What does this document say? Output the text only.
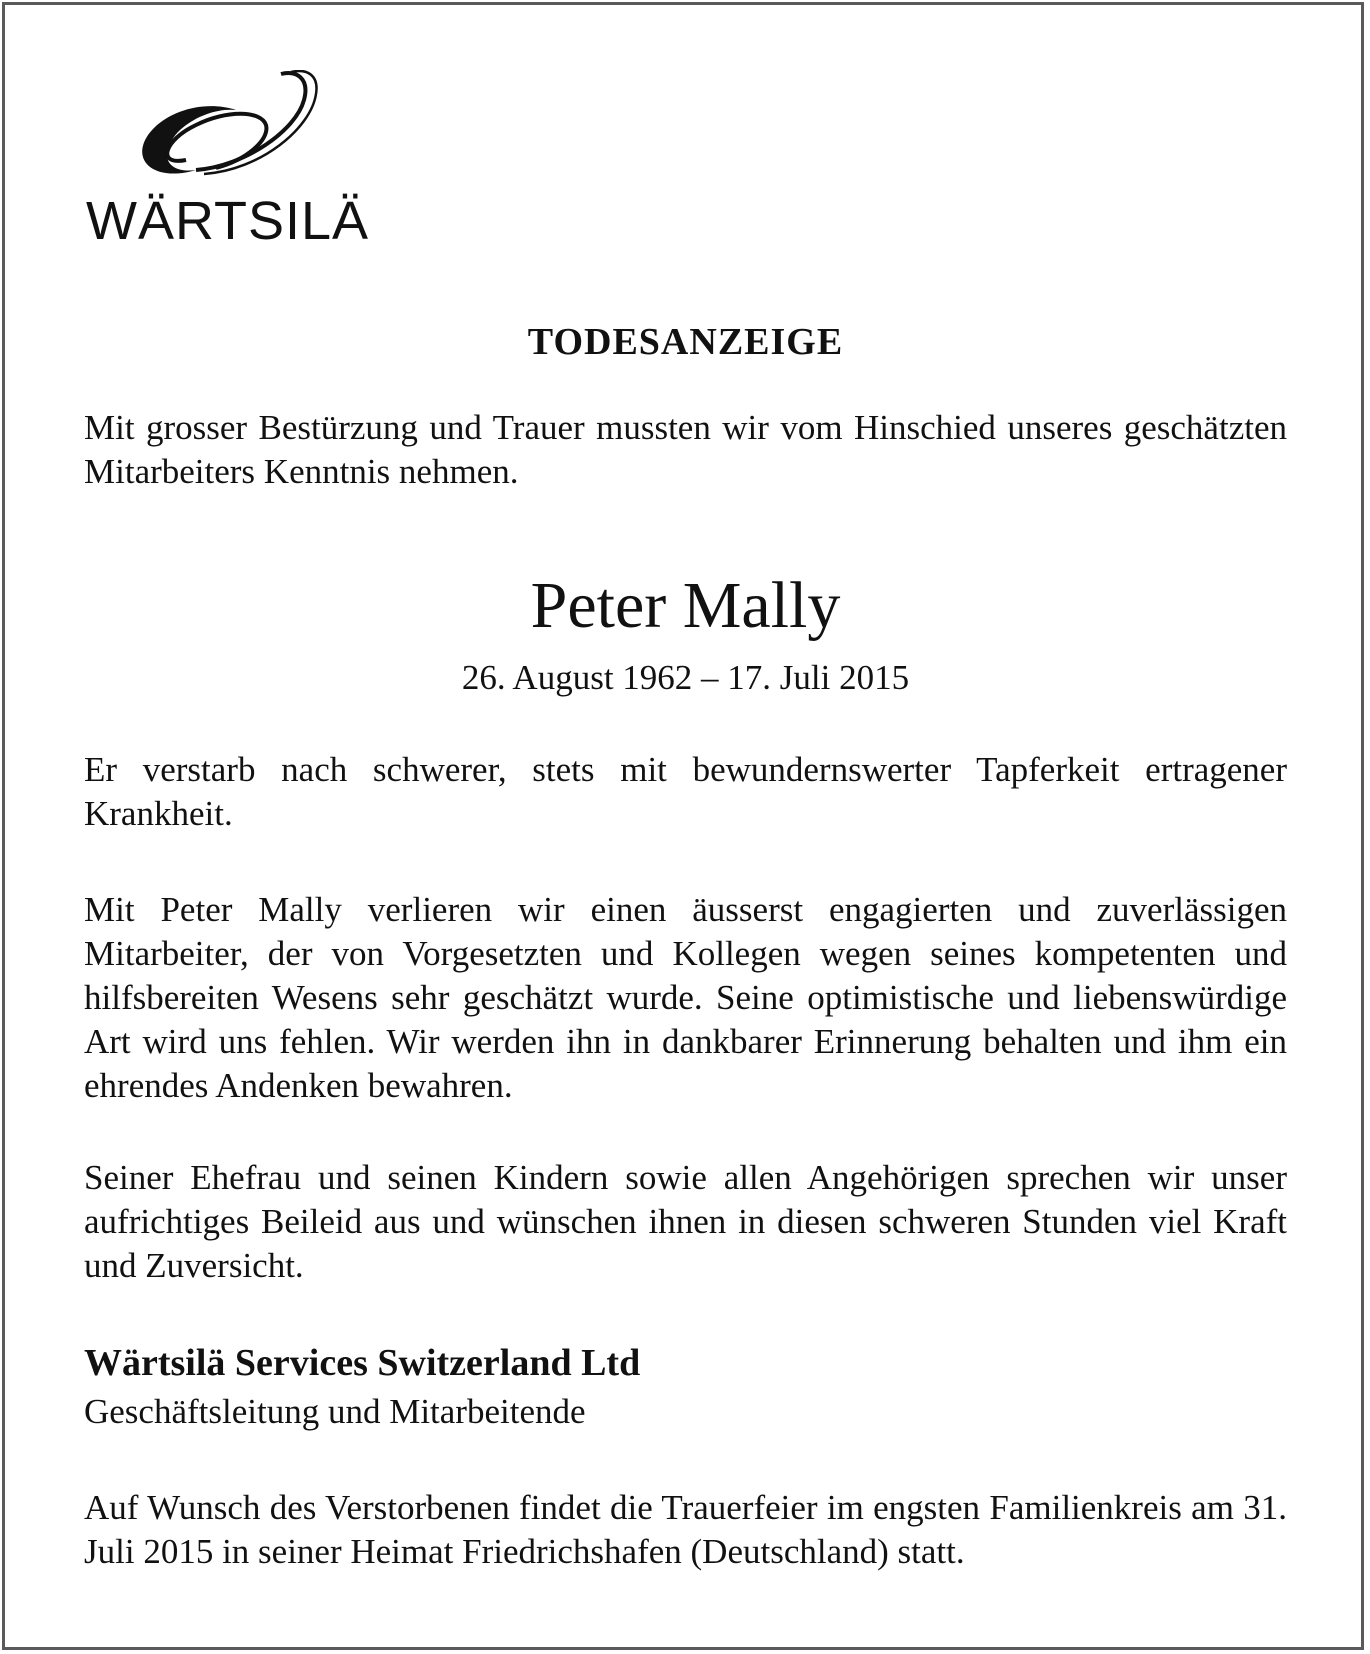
WÄRTSILÄ
TODESANZEIGE

Mit grosser Bestürzung und Trauer mussten wir vom Hinschied unseres geschätzten Mitarbeiters Kenntnis nehmen.

Peter Mally
26. August 1962 – 17. Juli 2015

Er verstarb nach schwerer, stets mit bewundernswerter Tapferkeit ertragener Krankheit.

Mit Peter Mally verlieren wir einen äusserst engagierten und zuverlässigen Mitarbeiter, der von Vorgesetzten und Kollegen wegen seines kompetenten und hilfsbereiten Wesens sehr geschätzt wurde. Seine optimistische und liebenswürdige Art wird uns fehlen. Wir werden ihn in dankbarer Erinnerung behalten und ihm ein ehrendes Andenken bewahren.

Seiner Ehefrau und seinen Kindern sowie allen Angehörigen sprechen wir unser aufrichtiges Beileid aus und wünschen ihnen in diesen schweren Stunden viel Kraft und Zuversicht.

Wärtsilä Services Switzerland Ltd
Geschäftsleitung und Mitarbeitende

Auf Wunsch des Verstorbenen findet die Trauerfeier im engsten Familienkreis am 31. Juli 2015 in seiner Heimat Friedrichshafen (Deutschland) statt.
